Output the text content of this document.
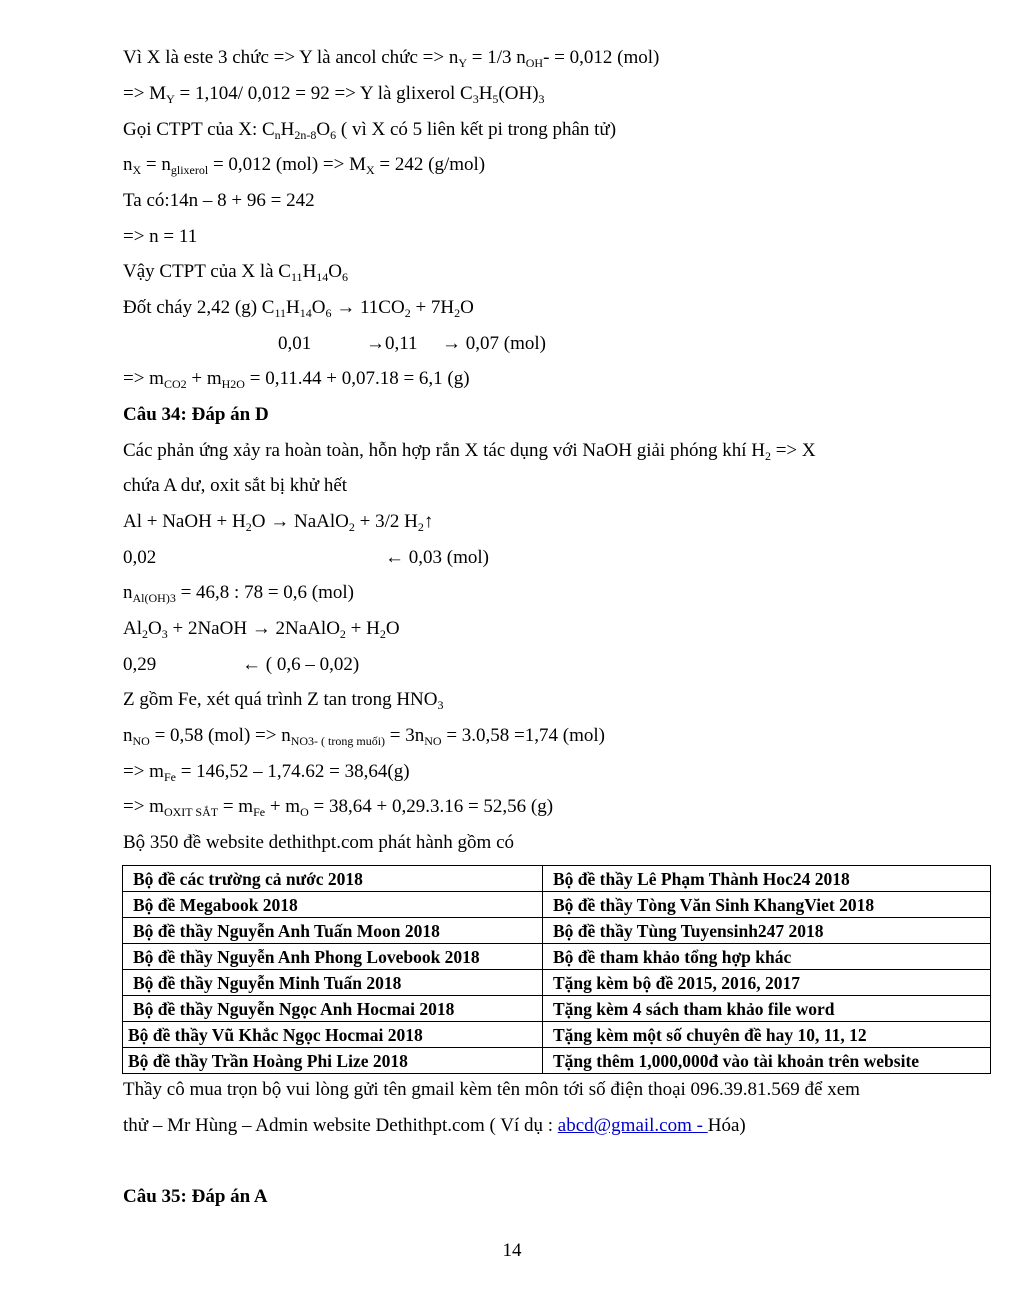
Vì X là este 3 chức => Y là ancol chức => $n_Y = 1/3$ $n_{OH}- = 0,012$ (mol)
=> $M_Y = 1,104/$ 0,012 = 92 => Y là glixerol $C_3H_5(OH)_3$
Gọi CTPT của X: $C_nH_{2n-8}O_6$ ( vì X có 5 liên kết pi trong phân tử)
$n_X = n_{glixerol} = 0,012$ $(mol) => M_X = 242$ (g/mol)
Ta có:14n – 8 + 96 = 242
=> n = 11
Vậy CTPT của X là $C_{11}H_{14}O_6$
Đốt cháy 2,42 (g) $C_{11}H_{14}O_6 \to 11CO_2 + 7H_2O$
0,01	→0,11 → 0,07 (mol)
=> $m_{CO2} + m_{H2O} = 0,11.44 + 0,07.18 = 6,1$ (g)
Câu 34: Đáp án D
Các phản ứng xảy ra hoàn toàn, hỗn hợp rắn X tác dụng với NaOH giải phóng khí $H_2 => X$
chứa A dư, oxit sắt bị khử hết
Al + NaOH + $H_2O$ → NaAlO$_2$ + 3/2 $H_2↑$
0,02	← 0,03 (mol)
$n_{Al(OH)3} = 46,8$ : 78 = 0,6 (mol)
$Al_2O_3$ + 2NaOH → 2NaAlO$_2$ + $H_2O$
0,29	← ( 0,6 – 0,02)
Z gồm Fe, xét quá trình Z tan trong $HNO_3$
$n_{NO} = 0,58$ $(mol) => n_{NO3- ( trong muối)} = 3n_{NO} = 3.0,58 =1,74$ (mol)
=> $m_{Fe} = 146,52 - 1,74.62 = 38,64(g)$
=> $m_{OXIT SẮT} = m_{Fe} + m_O = 38,64 + 0,29.3.16 = 52,56$ (g)
Bộ 350 đề website dethithpt.com phát hành gồm có
Bộ đề các trường cả nước 2018	Bộ đề thầy Lê Phạm Thành Hoc24 2018
Bộ đề Megabook 2018	Bộ đề thầy Tòng Văn Sinh KhangViet 2018
Bộ đề thầy Nguyễn Anh Tuấn Moon 2018	Bộ đề thầy Tùng Tuyensinh247 2018
Bộ đề thầy Nguyễn Anh Phong Lovebook 2018	Bộ đề tham khảo tổng hợp khác
Bộ đề thầy Nguyễn Minh Tuấn 2018	Tặng kèm bộ đề 2015, 2016, 2017
Bộ đề thầy Nguyễn Ngọc Anh Hocmai 2018	Tặng kèm 4 sách tham khảo file word
Bộ đề thầy Vũ Khắc Ngọc Hocmai 2018	Tặng kèm một số chuyên đề hay 10, 11, 12
Bộ đề thầy Trần Hoàng Phi Lize 2018	Tặng thêm 1,000,000đ vào tài khoản trên website
Thầy cô mua trọn bộ vui lòng gửi tên gmail kèm tên môn tới số điện thoại 096.39.81.569 để xem
thử – Mr Hùng – Admin website Dethithpt.com ( Ví dụ : abcd@gmail.com - Hóa)
Câu 35: Đáp án A
14
